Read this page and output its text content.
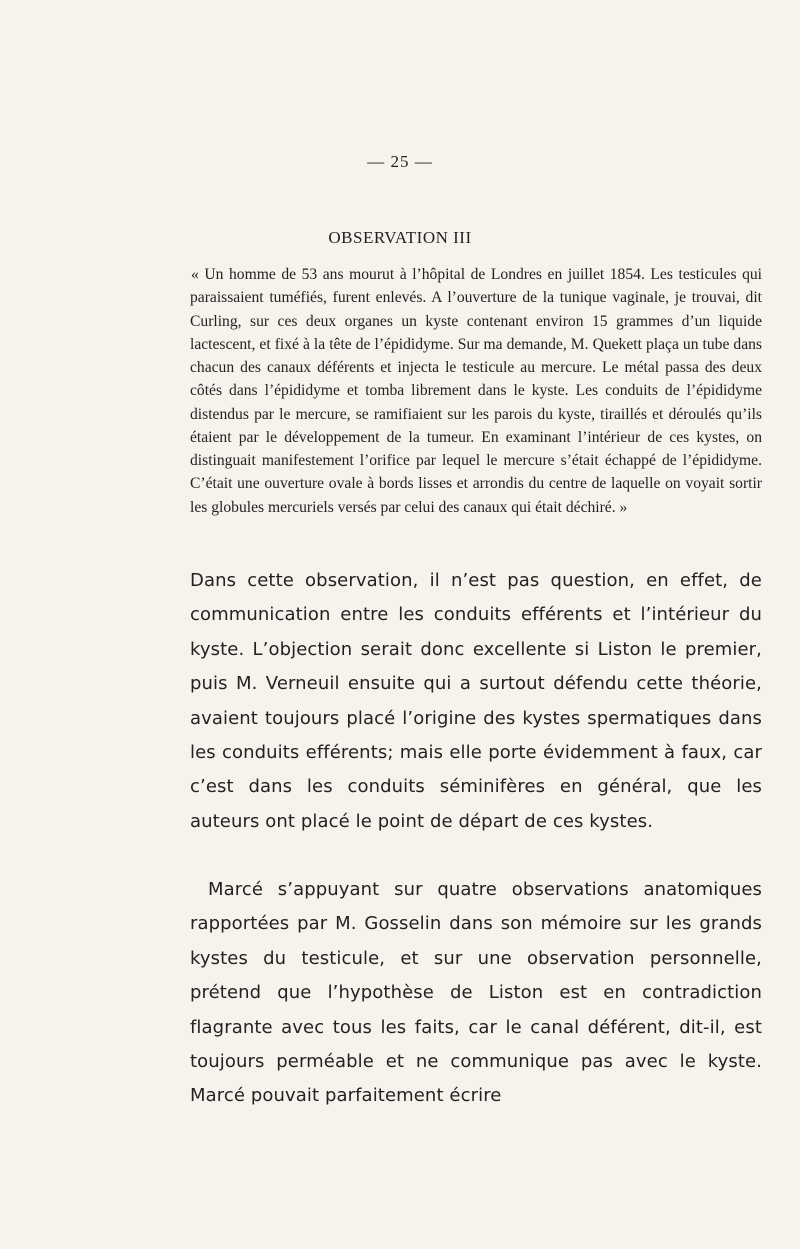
— 25 —
OBSERVATION III
« Un homme de 53 ans mourut à l’hôpital de Londres en juillet 1854. Les testicules qui paraissaient tuméfiés, furent enlevés. A l’ouverture de la tunique vaginale, je trouvai, dit Curling, sur ces deux organes un kyste contenant environ 15 grammes d’un liquide lactescent, et fixé à la tête de l’épididyme. Sur ma demande, M. Quekett plaça un tube dans chacun des canaux déférents et injecta le testicule au mercure. Le métal passa des deux côtés dans l’épididyme et tomba librement dans le kyste. Les conduits de l’épididyme distendus par le mercure, se ramifiaient sur les parois du kyste, tiraillés et déroulés qu’ils étaient par le développement de la tumeur. En examinant l’intérieur de ces kystes, on distinguait manifestement l’orifice par lequel le mercure s’était échappé de l’épididyme. C’était une ouverture ovale à bords lisses et arrondis du centre de laquelle on voyait sortir les globules mercuriels versés par celui des canaux qui était déchiré. »
Dans cette observation, il n’est pas question, en effet, de communication entre les conduits efférents et l’intérieur du kyste. L’objection serait donc excellente si Liston le premier, puis M. Verneuil ensuite qui a surtout défendu cette théorie, avaient toujours placé l’origine des kystes spermatiques dans les conduits efférents; mais elle porte évidemment à faux, car c’est dans les conduits séminifères en général, que les auteurs ont placé le point de départ de ces kystes.
Marcé s’appuyant sur quatre observations anatomiques rapportées par M. Gosselin dans son mémoire sur les grands kystes du testicule, et sur une observation personnelle, prétend que l’hypothèse de Liston est en contradiction flagrante avec tous les faits, car le canal déférent, dit-il, est toujours perméable et ne communique pas avec le kyste. Marcé pouvait parfaitement écrire
